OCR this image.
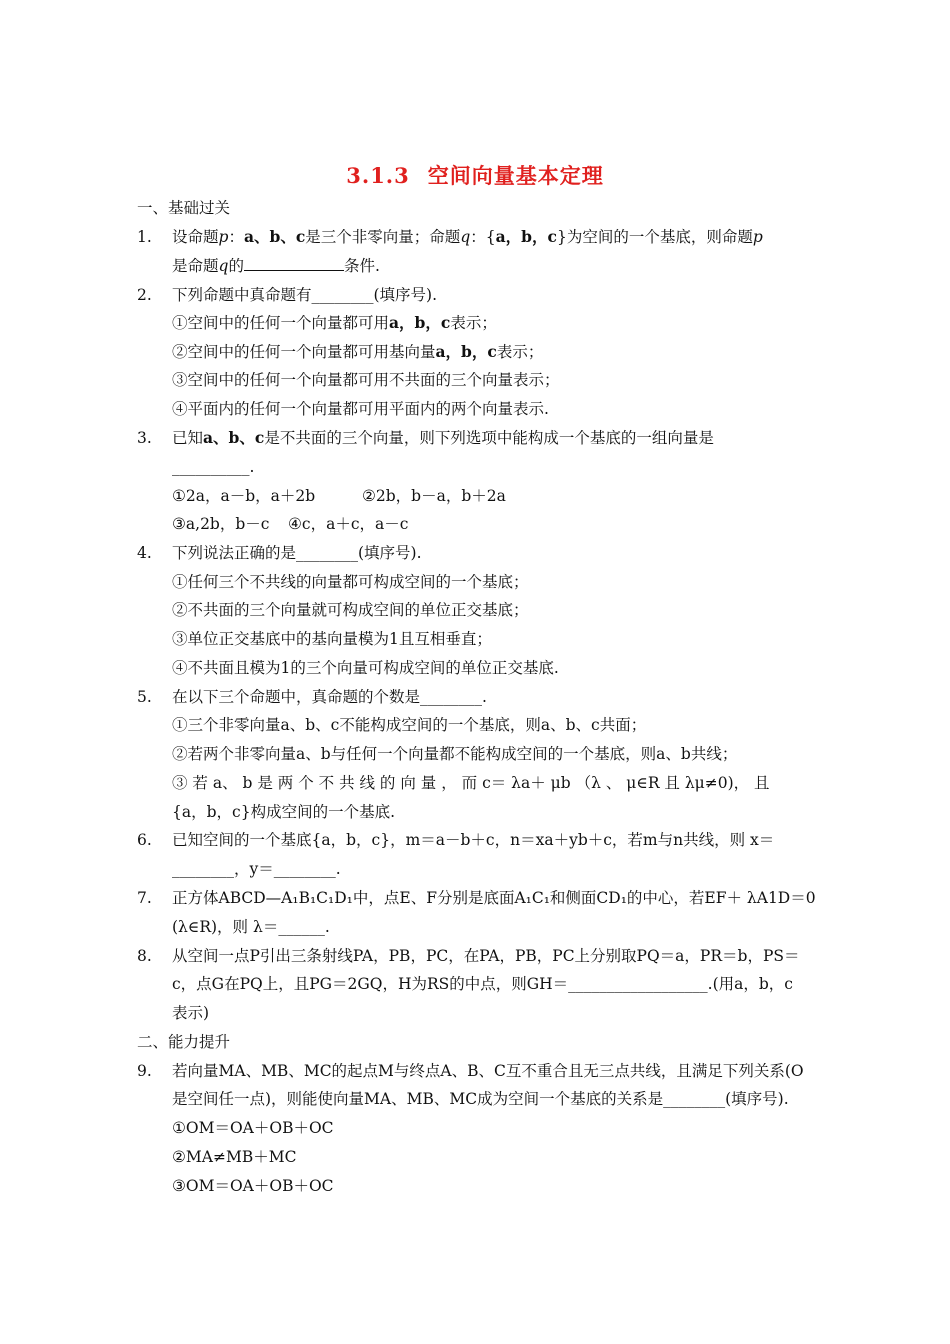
3.1.3 空间向量基本定理
一、基础过关
1. 设命题p：a、b、c是三个非零向量；命题q：{a，b，c}为空间的一个基底，则命题p
是命题q的	条件.
2. 下列命题中真命题有________(填序号).
①空间中的任何一个向量都可用a，b，c表示；
②空间中的任何一个向量都可用基向量a，b，c表示；
③空间中的任何一个向量都可用不共面的三个向量表示；
④平面内的任何一个向量都可用平面内的两个向量表示.
3. 已知a、b、c是不共面的三个向量，则下列选项中能构成一个基底的一组向量是
__________.
①2a，a－b，a＋2b	②2b，b－a，b＋2a
③a,2b，b－c ④c，a＋c，a－c
4. 下列说法正确的是________(填序号).
①任何三个不共线的向量都可构成空间的一个基底；
②不共面的三个向量就可构成空间的单位正交基底；
③单位正交基底中的基向量模为1且互相垂直；
④不共面且模为1的三个向量可构成空间的单位正交基底.
5. 在以下三个命题中，真命题的个数是________.
①三个非零向量a、b、c不能构成空间的一个基底，则a、b、c共面；
②若两个非零向量a、b与任何一个向量都不能构成空间的一个基底，则a、b共线；
③ 若 a、 b 是 两 个 不 共 线 的 向 量 ， 而 c＝ λa＋ μb （λ 、 μ∈R 且 λμ≠0)， 且
{a，b，c}构成空间的一个基底.
6. 已知空间的一个基底{a，b，c}，m＝a－b＋c，n＝xa＋yb＋c，若m与n共线，则 x＝
________，y＝________.
7. 正方体ABCD—A₁B₁C₁D₁中，点E、F分别是底面A₁C₁和侧面CD₁的中心，若EF＋ λA1D＝0
(λ∈R)，则 λ＝______.
8. 从空间一点P引出三条射线PA，PB，PC，在PA，PB，PC上分别取PQ＝a，PR＝b，PS＝
c，点G在PQ上，且PG＝2GQ，H为RS的中点，则GH＝__________________.(用a，b，c
表示)
二、能力提升
9. 若向量MA、MB、MC的起点M与终点A、B、C互不重合且无三点共线，且满足下列关系(O
是空间任一点)，则能使向量MA、MB、MC成为空间一个基底的关系是________(填序号).
①OM＝OA＋OB＋OC
②MA≠MB＋MC
③OM＝OA＋OB＋OC
